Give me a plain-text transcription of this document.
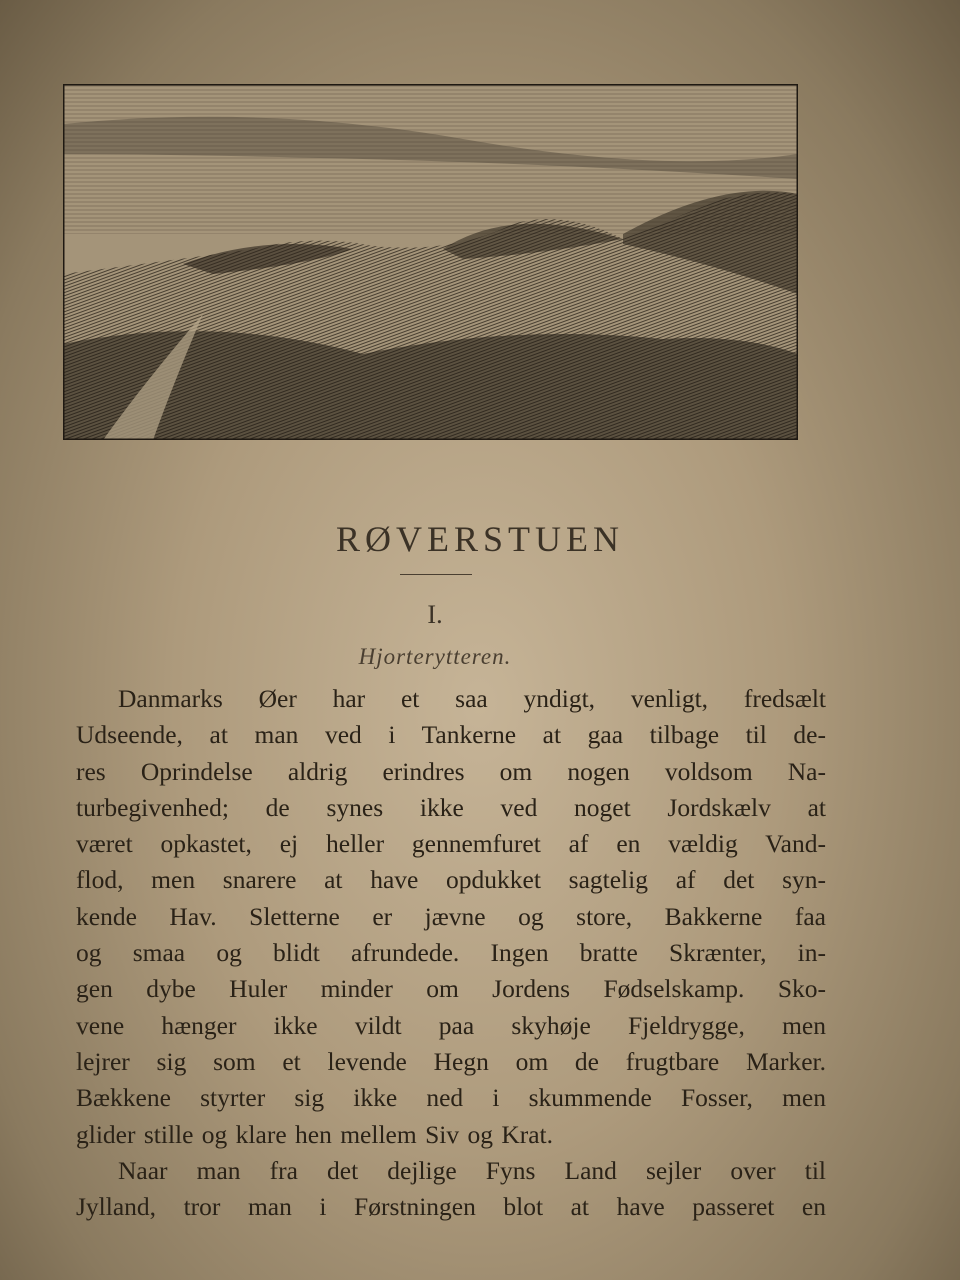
RØVERSTUEN
I.
Hjorterytteren.
Danmarks Øer har et saa yndigt, venligt, fredsælt
Udseende, at man ved i Tankerne at gaa tilbage til de-
res Oprindelse aldrig erindres om nogen voldsom Na-
turbegivenhed; de synes ikke ved noget Jordskælv at
været opkastet, ej heller gennemfuret af en vældig Vand-
flod, men snarere at have opdukket sagtelig af det syn-
kende Hav. Sletterne er jævne og store, Bakkerne faa
og smaa og blidt afrundede. Ingen bratte Skrænter, in-
gen dybe Huler minder om Jordens Fødselskamp. Sko-
vene hænger ikke vildt paa skyhøje Fjeldrygge, men
lejrer sig som et levende Hegn om de frugtbare Marker.
Bækkene styrter sig ikke ned i skummende Fosser, men
glider stille og klare hen mellem Siv og Krat.
Naar man fra det dejlige Fyns Land sejler over til
Jylland, tror man i Førstningen blot at have passeret en
